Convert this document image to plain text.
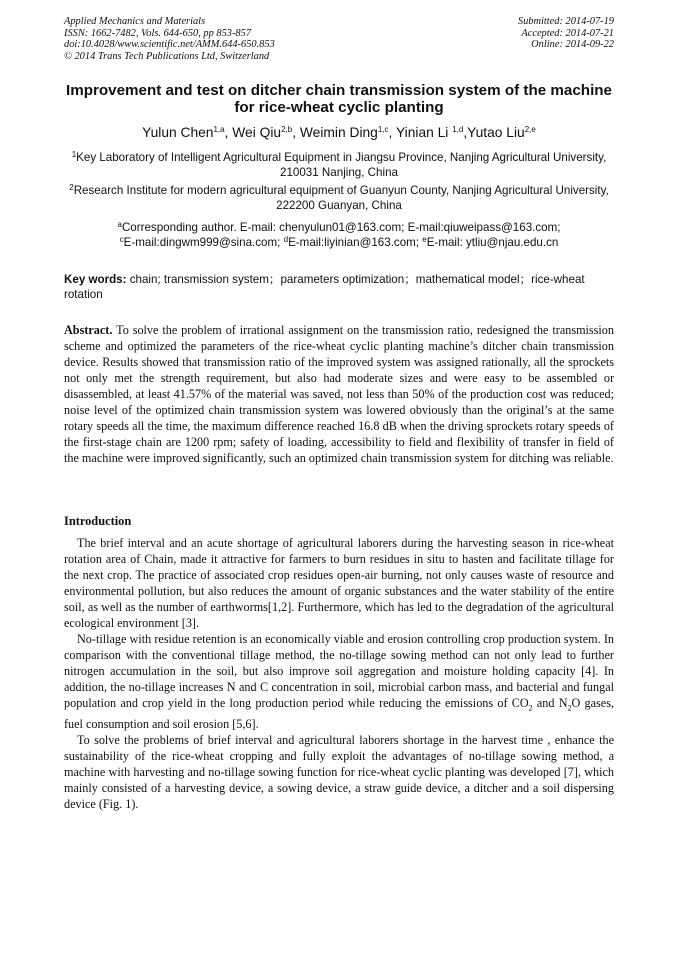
Applied Mechanics and Materials
ISSN: 1662-7482, Vols. 644-650, pp 853-857
doi:10.4028/www.scientific.net/AMM.644-650.853
© 2014 Trans Tech Publications Ltd, Switzerland
Submitted: 2014-07-19
Accepted: 2014-07-21
Online: 2014-09-22
Improvement and test on ditcher chain transmission system of the machine for rice-wheat cyclic planting
Yulun Chen$^{1,a}$, Wei Qiu$^{2,b}$, Weimin Ding$^{1,c}$, Yinian Li $^{1,d}$,Yutao Liu$^{2,e}$
$^1$Key Laboratory of Intelligent Agricultural Equipment in Jiangsu Province, Nanjing Agricultural University, 210031 Nanjing, China
$^2$Research Institute for modern agricultural equipment of Guanyun County, Nanjing Agricultural University, 222200 Guanyan, China
$^a$Corresponding author. E-mail: chenyulun01@163.com; E-mail:qiuweipass@163.com;
$^c$E-mail:dingwm999@sina.com; $^d$E-mail:liyinian@163.com; $^e$E-mail: ytliu@njau.edu.cn
Key words: chain; transmission system；parameters optimization；mathematical model；rice-wheat rotation
Abstract. To solve the problem of irrational assignment on the transmission ratio, redesigned the transmission scheme and optimized the parameters of the rice-wheat cyclic planting machine’s ditcher chain transmission device. Results showed that transmission ratio of the improved system was assigned rationally, all the sprockets not only met the strength requirement, but also had moderate sizes and were easy to be assembled or disassembled, at least 41.57% of the material was saved, not less than 50% of the production cost was reduced; noise level of the optimized chain transmission system was lowered obviously than the original’s at the same rotary speeds all the time, the maximum difference reached 16.8 dB when the driving sprockets rotary speeds of the first-stage chain are 1200 rpm; safety of loading, accessibility to field and flexibility of transfer in field of the machine were improved significantly, such an optimized chain transmission system for ditching was reliable.
Introduction

The brief interval and an acute shortage of agricultural laborers during the harvesting season in rice-wheat rotation area of Chain, made it attractive for farmers to burn residues in situ to hasten and facilitate tillage for the next crop. The practice of associated crop residues open-air burning, not only causes waste of resource and environmental pollution, but also reduces the amount of organic substances and the water stability of the entire soil, as well as the number of earthworms[1,2]. Furthermore, which has led to the degradation of the agricultural ecological environment [3].

No-tillage with residue retention is an economically viable and erosion controlling crop production system. In comparison with the conventional tillage method, the no-tillage sowing method can not only lead to further nitrogen accumulation in the soil, but also improve soil aggregation and moisture holding capacity [4]. In addition, the no-tillage increases N and C concentration in soil, microbial carbon mass, and bacterial and fungal population and crop yield in the long production period while reducing the emissions of $CO_2$ and $N_2O$ gases, fuel consumption and soil erosion [5,6].

To solve the problems of brief interval and agricultural laborers shortage in the harvest time , enhance the sustainability of the rice-wheat cropping and fully exploit the advantages of no-tillage sowing method, a machine with harvesting and no-tillage sowing function for rice-wheat cyclic planting was developed [7], which mainly consisted of a harvesting device, a sowing device, a straw guide device, a ditcher and a soil dispersing device (Fig. 1).
